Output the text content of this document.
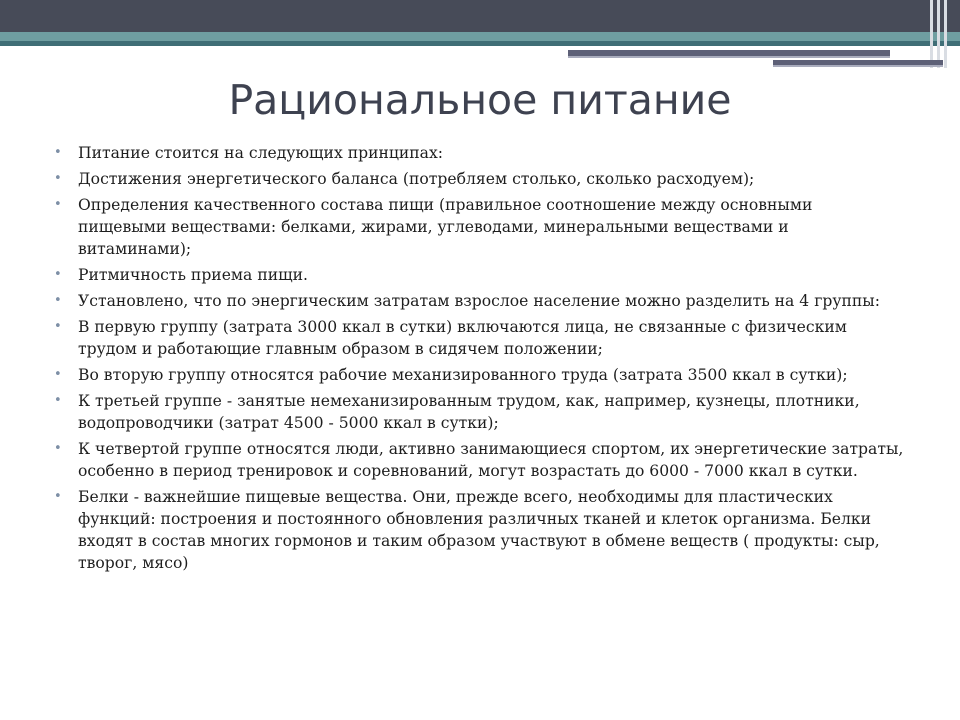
Рациональное питание
• Питание стоится на следующих принципах:
• Достижения энергетического баланса (потребляем столько, сколько расходуем);
• Определения качественного состава пищи (правильное соотношение между основными пищевыми веществами: белками, жирами, углеводами, минеральными веществами и витаминами);
• Ритмичность приема пищи.
• Установлено, что по энергическим затратам взрослое население можно разделить на 4 группы:
• В первую группу (затрата 3000 ккал в сутки) включаются лица, не связанные с физическим трудом и работающие главным образом в сидячем положении;
• Во вторую группу относятся рабочие механизированного труда (затрата 3500 ккал в сутки);
• К третьей группе - занятые немеханизированным трудом, как, например, кузнецы, плотники, водопроводчики (затрат 4500 - 5000 ккал в сутки);
• К четвертой группе относятся люди, активно занимающиеся спортом, их энергетические затраты, особенно в период тренировок и соревнований, могут возрастать до 6000 - 7000 ккал в сутки.
• Белки - важнейшие пищевые вещества. Они, прежде всего, необходимы для пластических функций: построения и постоянного обновления различных тканей и клеток организма. Белки входят в состав многих гормонов и таким образом участвуют в обмене веществ ( продукты: сыр, творог, мясо)
